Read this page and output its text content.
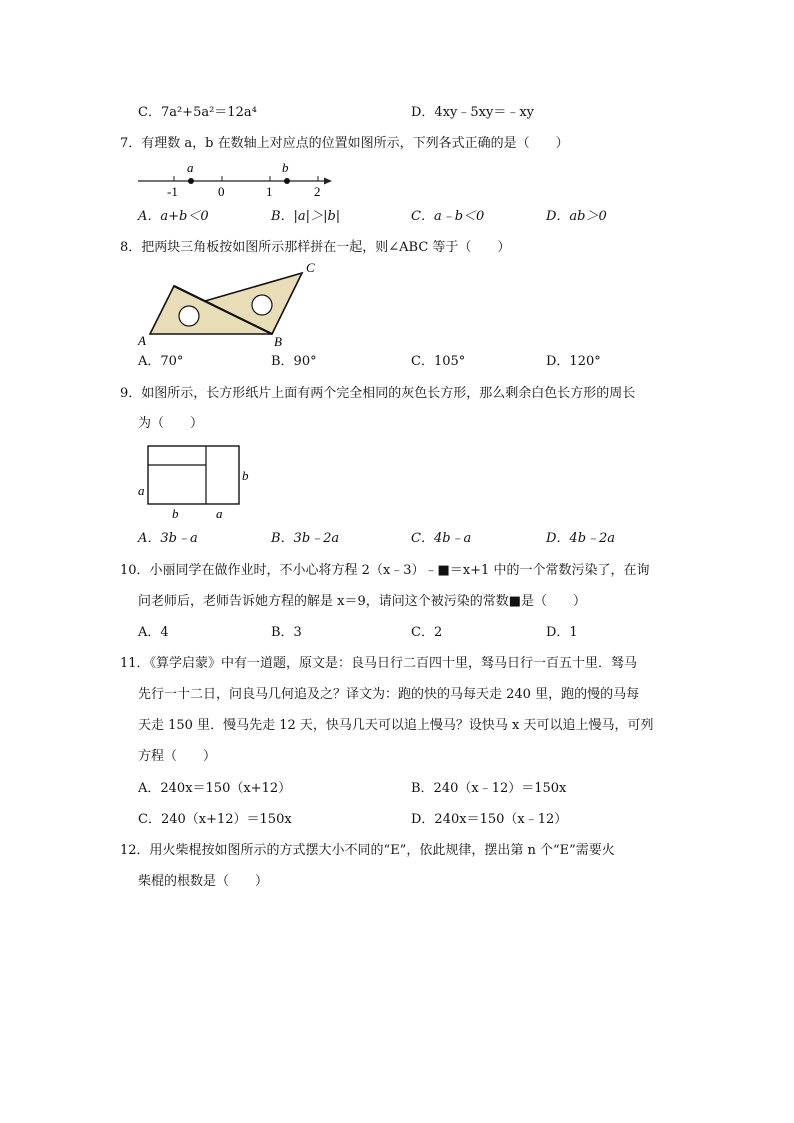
C．7a²+5a²＝12a⁴	D．4xy﹣5xy＝﹣xy
7．有理数 a，b 在数轴上对应点的位置如图所示，下列各式正确的是（　　）
-1	0	1	2
a	b
A．a+b＜0	B．|a|＞|b|	C．a﹣b＜0	D．ab＞0
8．把两块三角板按如图所示那样拼在一起，则∠ABC 等于（　　）
A	B
C
A．70°	B．90°	C．105°	D．120°
9．如图所示，长方形纸片上面有两个完全相同的灰色长方形，那么剩余白色长方形的周长
为（　　）
a
b
b	a
A．3b﹣a	B．3b﹣2a	C．4b﹣a	D．4b﹣2a
10．小丽同学在做作业时，不小心将方程 2（x﹣3）﹣■＝x+1 中的一个常数污染了，在询
问老师后，老师告诉她方程的解是 x＝9，请问这个被污染的常数■是（　　）
A．4	B．3	C．2	D．1
11．《算学启蒙》中有一道题，原文是：良马日行二百四十里，驽马日行一百五十里．驽马
先行一十二日，问良马几何追及之？译文为：跑的快的马每天走 240 里，跑的慢的马每
天走 150 里．慢马先走 12 天，快马几天可以追上慢马？设快马 x 天可以追上慢马，可列
方程（　　）
A．240x＝150（x+12）	B．240（x﹣12）＝150x
C．240（x+12）＝150x	D．240x＝150（x﹣12）
12．用火柴棍按如图所示的方式摆大小不同的“E”，依此规律，摆出第 n 个“E”需要火
柴棍的根数是（　　）
